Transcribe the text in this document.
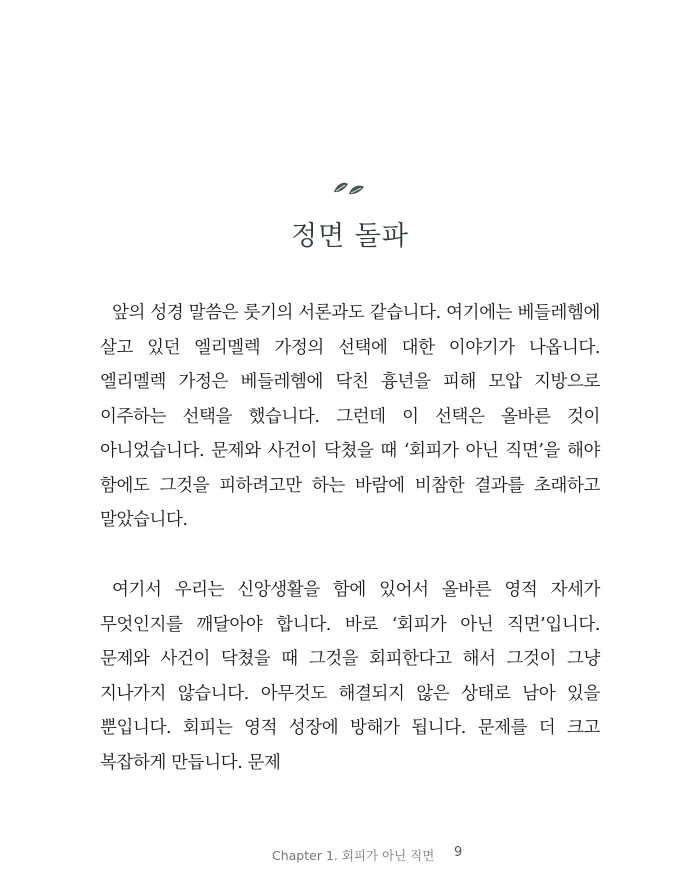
정면 돌파

앞의 성경 말씀은 룻기의 서론과도 같습니다. 여기에는 베들레헴에 살고 있던 엘리멜렉 가정의 선택에 대한 이야기가 나옵니다. 엘리멜렉 가정은 베들레헴에 닥친 흉년을 피해 모압 지방으로 이주하는 선택을 했습니다. 그런데 이 선택은 올바른 것이 아니었습니다. 문제와 사건이 닥쳤을 때 ‘회피가 아닌 직면’을 해야 함에도 그것을 피하려고만 하는 바람에 비참한 결과를 초래하고 말았습니다.

여기서 우리는 신앙생활을 함에 있어서 올바른 영적 자세가 무엇인지를 깨달아야 합니다. 바로 ‘회피가 아닌 직면’입니다. 문제와 사건이 닥쳤을 때 그것을 회피한다고 해서 그것이 그냥 지나가지 않습니다. 아무것도 해결되지 않은 상태로 남아 있을 뿐입니다. 회피는 영적 성장에 방해가 됩니다. 문제를 더 크고 복잡하게 만듭니다. 문제

Chapter 1. 회피가 아닌 직면 9
